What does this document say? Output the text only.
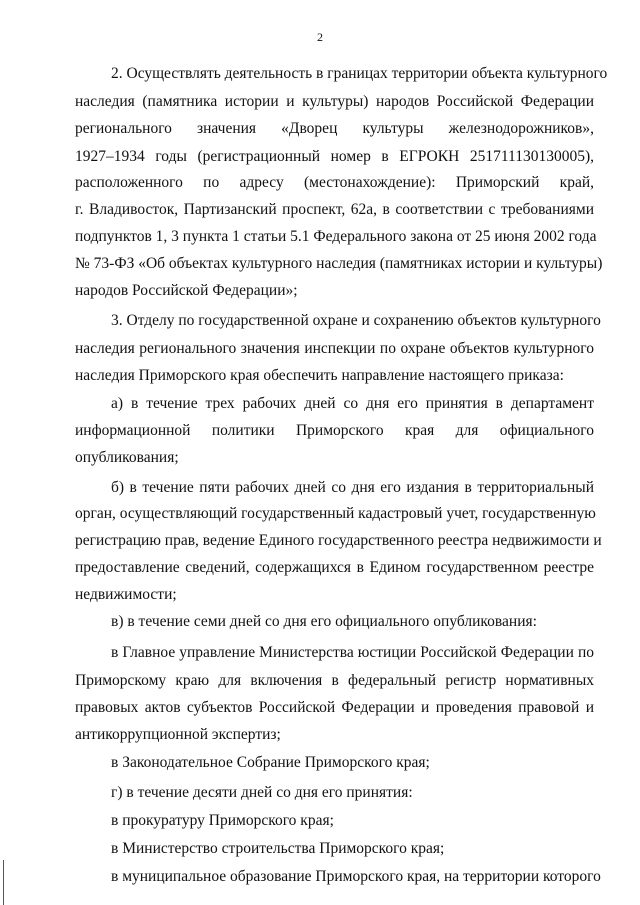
2
2. Осуществлять деятельность в границах территории объекта культурного
наследия (памятника истории и культуры) народов Российской Федерации
регионального значения «Дворец культуры железнодорожников»,
1927–1934 годы (регистрационный номер в ЕГРОКН 251711130130005),
расположенного по адресу (местонахождение): Приморский край,
г. Владивосток, Партизанский проспект, 62а, в соответствии с требованиями
подпунктов 1, 3 пункта 1 статьи 5.1 Федерального закона от 25 июня 2002 года
№ 73-ФЗ «Об объектах культурного наследия (памятниках истории и культуры)
народов Российской Федерации»;
3. Отделу по государственной охране и сохранению объектов культурного
наследия регионального значения инспекции по охране объектов культурного
наследия Приморского края обеспечить направление настоящего приказа:
а) в течение трех рабочих дней со дня его принятия в департамент
информационной политики Приморского края для официального
опубликования;
б) в течение пяти рабочих дней со дня его издания в территориальный
орган, осуществляющий государственный кадастровый учет, государственную
регистрацию прав, ведение Единого государственного реестра недвижимости и
предоставление сведений, содержащихся в Едином государственном реестре
недвижимости;
в) в течение семи дней со дня его официального опубликования:
в Главное управление Министерства юстиции Российской Федерации по
Приморскому краю для включения в федеральный регистр нормативных
правовых актов субъектов Российской Федерации и проведения правовой и
антикоррупционной экспертиз;
в Законодательное Собрание Приморского края;
г) в течение десяти дней со дня его принятия:
в прокуратуру Приморского края;
в Министерство строительства Приморского края;
в муниципальное образование Приморского края, на территории которого
